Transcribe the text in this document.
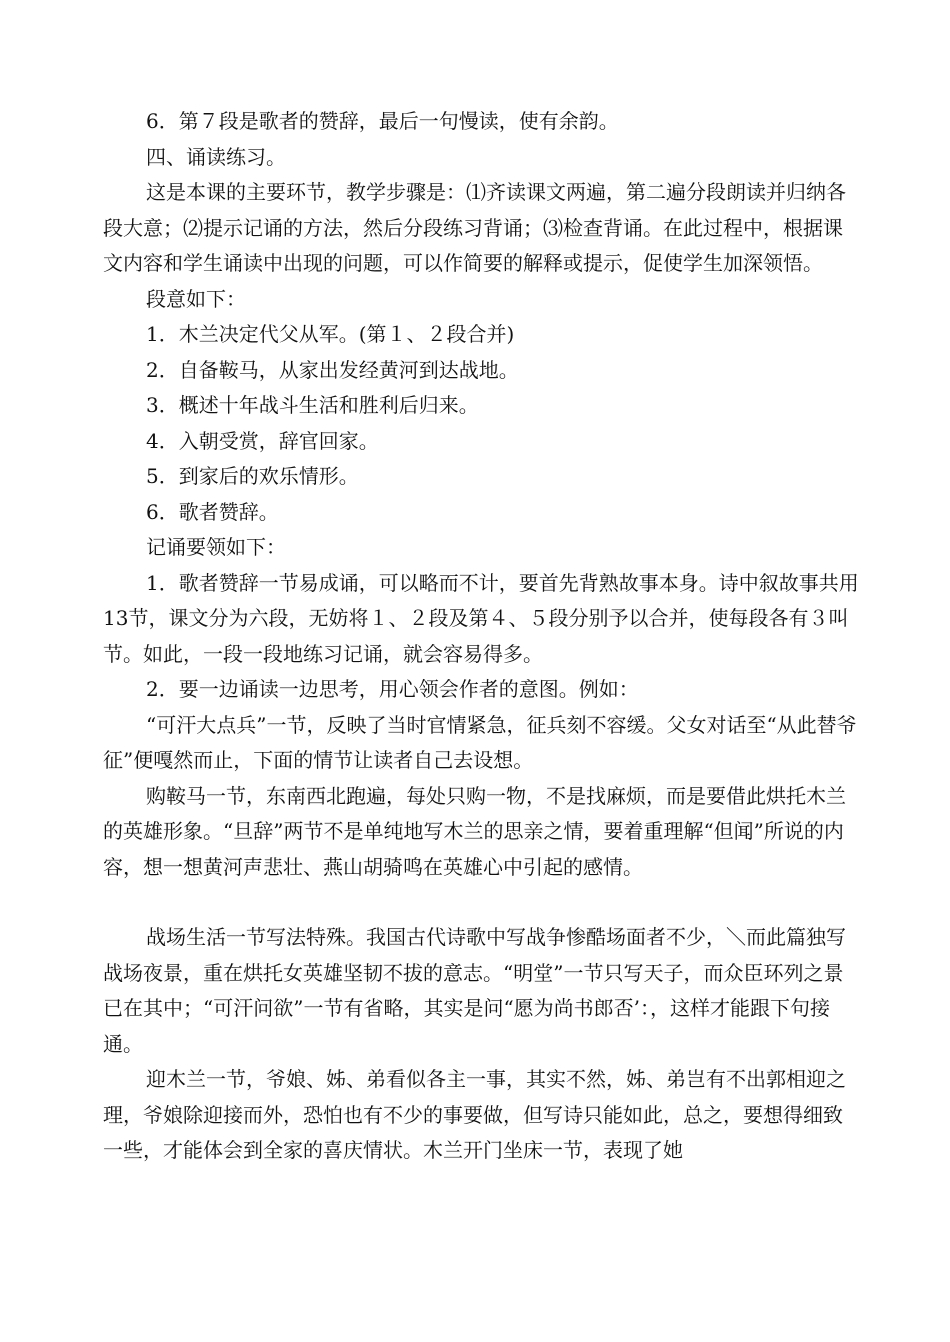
6．第７段是歌者的赞辞，最后一句慢读，使有余韵。

四、诵读练习。

这是本课的主要环节，教学步骤是：⑴齐读课文两遍，第二遍分段朗读并归纳各段大意；⑵提示记诵的方法，然后分段练习背诵；⑶检查背诵。在此过程中，根据课文内容和学生诵读中出现的问题，可以作简要的解释或提示，促使学生加深领悟。

段意如下：

1．木兰决定代父从军。(第１、２段合并)

2．自备鞍马，从家出发经黄河到达战地。

3．概述十年战斗生活和胜利后归来。

4．入朝受赏，辞官回家。

5．到家后的欢乐情形。

6．歌者赞辞。

记诵要领如下：

1．歌者赞辞一节易成诵，可以略而不计，要首先背熟故事本身。诗中叙故事共用13节，课文分为六段，无妨将１、２段及第４、５段分别予以合并，使每段各有３叫节。如此，一段一段地练习记诵，就会容易得多。

2．要一边诵读一边思考，用心领会作者的意图。例如：

“可汗大点兵”一节，反映了当时官情紧急，征兵刻不容缓。父女对话至“从此替爷征”便嘎然而止，下面的情节让读者自己去设想。

购鞍马一节，东南西北跑遍，每处只购一物，不是找麻烦，而是要借此烘托木兰的英雄形象。“旦辞”两节不是单纯地写木兰的思亲之情，要着重理解“但闻”所说的内容，想一想黄河声悲壮、燕山胡骑鸣在英雄心中引起的感情。

战场生活一节写法特殊。我国古代诗歌中写战争惨酷场面者不少，＼而此篇独写战场夜景，重在烘托女英雄坚韧不拔的意志。“明堂”一节只写天子，而众臣环列之景已在其中；“可汗问欲”一节有省略，其实是问“愿为尚书郎否’：，这样才能跟下句接通。

迎木兰一节，爷娘、姊、弟看似各主一事，其实不然，姊、弟岂有不出郭相迎之理，爷娘除迎接而外，恐怕也有不少的事要做，但写诗只能如此，总之，要想得细致一些，才能体会到全家的喜庆情状。木兰开门坐床一节，表现了她
